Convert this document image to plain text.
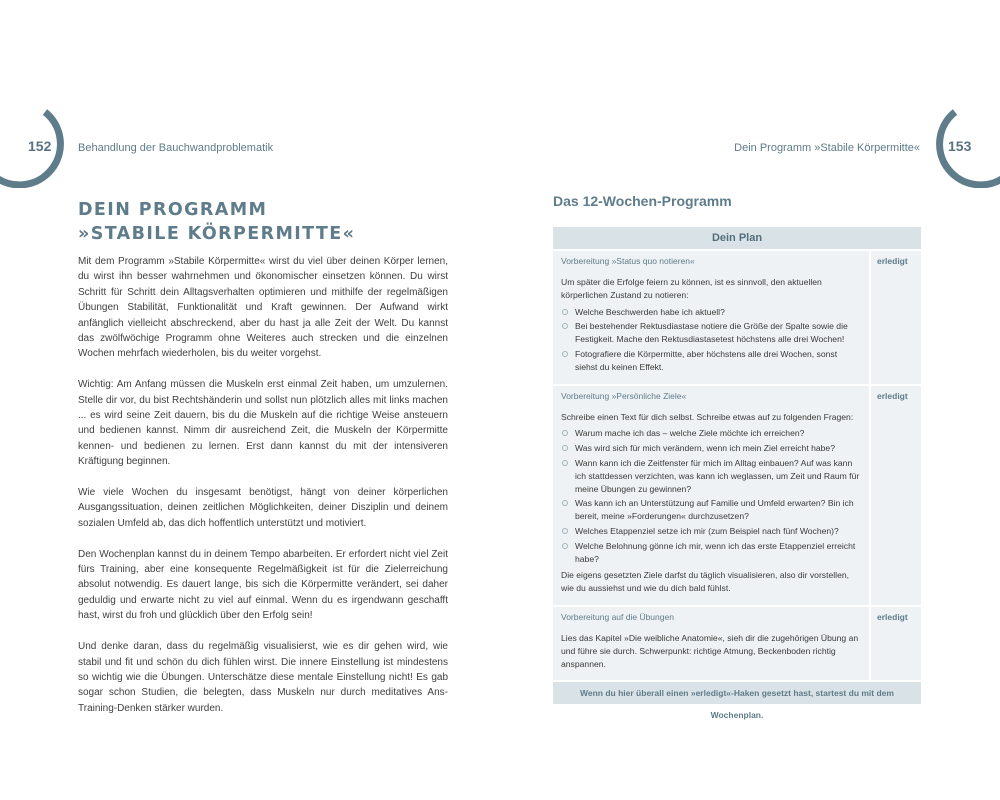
152 Behandlung der Bauchwandproblematik
DEIN PROGRAMM
»STABILE KÖRPERMITTE«

Mit dem Programm »Stabile Körpermitte« wirst du viel über deinen Körper lernen, du wirst ihn besser wahrnehmen und ökonomischer einsetzen können. Du wirst Schritt für Schritt dein Alltagsverhalten optimieren und mithilfe der regelmäßigen Übungen Stabilität, Funktionalität und Kraft gewinnen. Der Aufwand wirkt anfänglich vielleicht abschreckend, aber du hast ja alle Zeit der Welt. Du kannst das zwölfwöchige Programm ohne Weiteres auch strecken und die einzelnen Wochen mehrfach wiederholen, bis du weiter vorgehst.

Wichtig: Am Anfang müssen die Muskeln erst einmal Zeit haben, um umzulernen. Stelle dir vor, du bist Rechtshänderin und sollst nun plötzlich alles mit links machen ... es wird seine Zeit dauern, bis du die Muskeln auf die richtige Weise ansteuern und bedienen kannst. Nimm dir ausreichend Zeit, die Muskeln der Körpermitte kennen- und bedienen zu lernen. Erst dann kannst du mit der intensiveren Kräftigung beginnen.

Wie viele Wochen du insgesamt benötigst, hängt von deiner körperlichen Ausgangssituation, deinen zeitlichen Möglichkeiten, deiner Disziplin und deinem sozialen Umfeld ab, das dich hoffentlich unterstützt und motiviert.

Den Wochenplan kannst du in deinem Tempo abarbeiten. Er erfordert nicht viel Zeit fürs Training, aber eine konsequente Regelmäßigkeit ist für die Zielerreichung absolut notwendig. Es dauert lange, bis sich die Körpermitte verändert, sei daher geduldig und erwarte nicht zu viel auf einmal. Wenn du es irgendwann geschafft hast, wirst du froh und glücklich über den Erfolg sein!

Und denke daran, dass du regelmäßig visualisierst, wie es dir gehen wird, wie stabil und fit und schön du dich fühlen wirst. Die innere Einstellung ist mindestens so wichtig wie die Übungen. Unterschätze diese mentale Einstellung nicht! Es gab sogar schon Studien, die belegten, dass Muskeln nur durch meditatives Ans-Training-Denken stärker wurden.

153
Dein Programm »Stabile Körpermitte«
Das 12-Wochen-Programm
Dein Plan
Vorbereitung »Status quo notieren«
Um später die Erfolge feiern zu können, ist es sinnvoll, den aktuellen körperlichen Zustand zu notieren:
Welche Beschwerden habe ich aktuell?
Bei bestehender Rektusdiastase notiere die Größe der Spalte sowie die Festigkeit. Mache den Rektusdiastasetest höchstens alle drei Wochen!
Fotografiere die Körpermitte, aber höchstens alle drei Wochen, sonst siehst du keinen Effekt.
erledigt
Vorbereitung »Persönliche Ziele«
Schreibe einen Text für dich selbst. Schreibe etwas auf zu folgenden Fragen:
Warum mache ich das – welche Ziele möchte ich erreichen?
Was wird sich für mich verändern, wenn ich mein Ziel erreicht habe?
Wann kann ich die Zeitfenster für mich im Alltag einbauen? Auf was kann ich stattdessen verzichten, was kann ich weglassen, um Zeit und Raum für meine Übungen zu gewinnen?
Was kann ich an Unterstützung auf Familie und Umfeld erwarten? Bin ich bereit, meine »Forderungen« durchzusetzen?
Welches Etappenziel setze ich mir (zum Beispiel nach fünf Wochen)?
Welche Belohnung gönne ich mir, wenn ich das erste Etappenziel erreicht habe?
Die eigens gesetzten Ziele darfst du täglich visualisieren, also dir vorstellen, wie du aussiehst und wie du dich bald fühlst.
erledigt
Vorbereitung auf die Übungen
Lies das Kapitel »Die weibliche Anatomie«, sieh dir die zugehörigen Übung an und führe sie durch. Schwerpunkt: richtige Atmung, Beckenboden richtig anspannen.
erledigt
Wenn du hier überall einen »erledigt«-Haken gesetzt hast, startest du mit dem Wochenplan.
